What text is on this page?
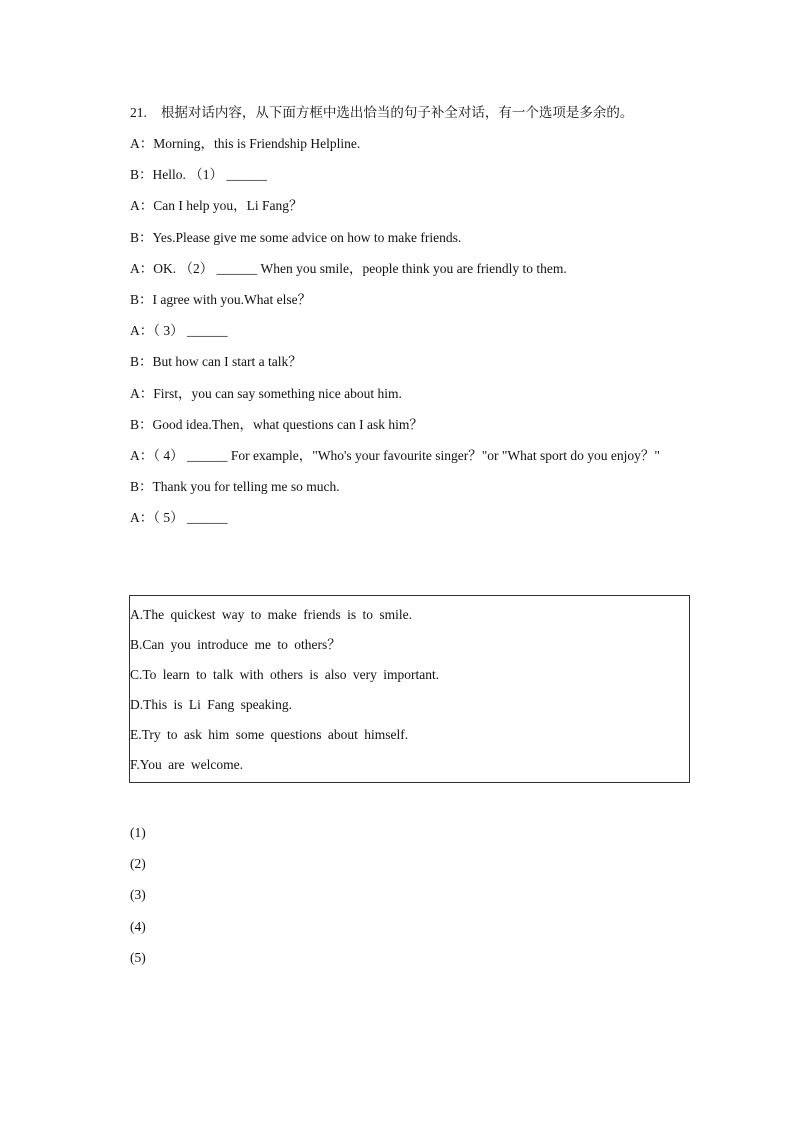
21. 根据对话内容，从下面方框中选出恰当的句子补全对话，有一个选项是多余的。
A：Morning，this is Friendship Helpline.
B：Hello. （1） ______
A：Can I help you，Li Fang？
B：Yes.Please give me some advice on how to make friends.
A：OK. （2） ______ When you smile，people think you are friendly to them.
B：I agree with you.What else？
A：（ 3） ______
B：But how can I start a talk？
A：First，you can say something nice about him.
B：Good idea.Then，what questions can I ask him？
A：（ 4） ______ For example，"Who's your favourite singer？"or "What sport do you enjoy？"
B：Thank you for telling me so much.
A：（ 5） ______
A.The quickest way to make friends is to smile.
B.Can you introduce me to others？
C.To learn to talk with others is also very important.
D.This is Li Fang speaking.
E.Try to ask him some questions about himself.
F.You are welcome.
(1)
(2)
(3)
(4)
(5)
